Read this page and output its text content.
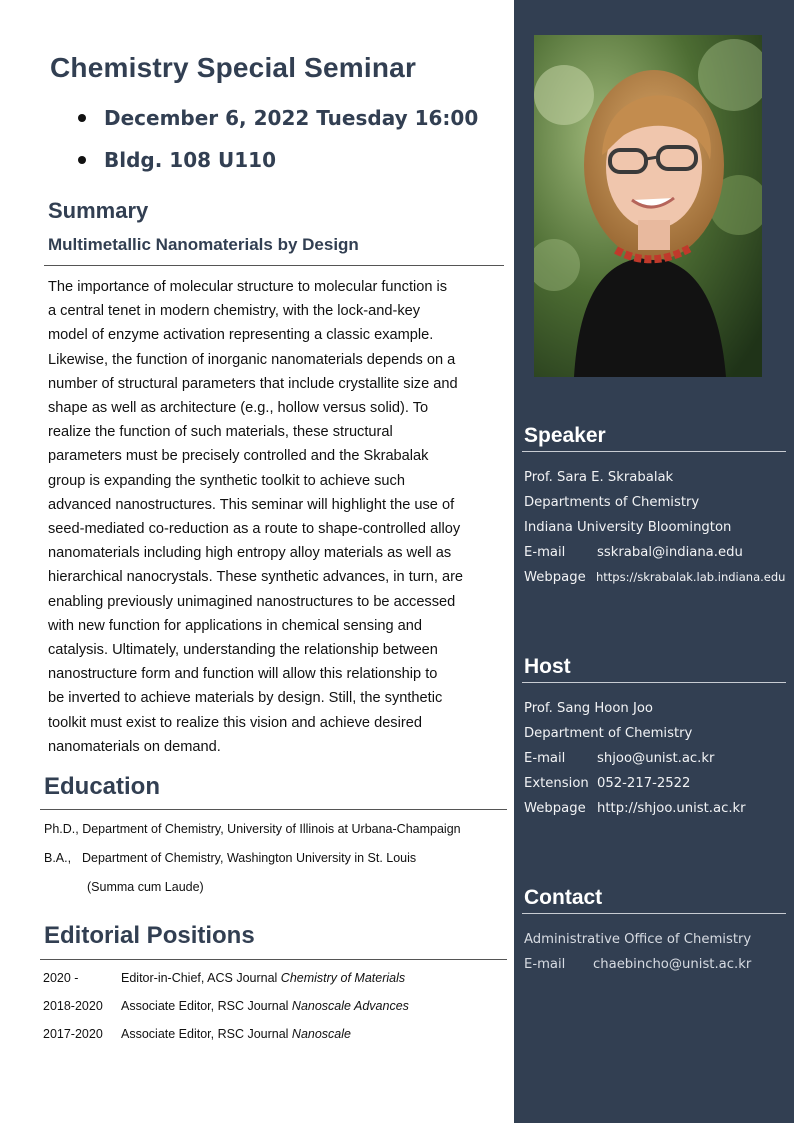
Chemistry Special Seminar
December 6, 2022 Tuesday 16:00
Bldg. 108 U110
Summary
Multimetallic Nanomaterials by Design
The importance of molecular structure to molecular function is
a central tenet in modern chemistry, with the lock-and-key
model of enzyme activation representing a classic example.
Likewise, the function of inorganic nanomaterials depends on a
number of structural parameters that include crystallite size and
shape as well as architecture (e.g., hollow versus solid). To
realize the function of such materials, these structural
parameters must be precisely controlled and the Skrabalak
group is expanding the synthetic toolkit to achieve such
advanced nanostructures. This seminar will highlight the use of
seed-mediated co-reduction as a route to shape-controlled alloy
nanomaterials including high entropy alloy materials as well as
hierarchical nanocrystals. These synthetic advances, in turn, are
enabling previously unimagined nanostructures to be accessed
with new function for applications in chemical sensing and
catalysis. Ultimately, understanding the relationship between
nanostructure form and function will allow this relationship to
be inverted to achieve materials by design. Still, the synthetic
toolkit must exist to realize this vision and achieve desired
nanomaterials on demand.
Education
Ph.D., Department of Chemistry, University of Illinois at Urbana-Champaign
B.A., Department of Chemistry, Washington University in St. Louis
(Summa cum Laude)
Editorial Positions
2020 -	Editor-in-Chief, ACS Journal Chemistry of Materials
2018-2020 Associate Editor, RSC Journal Nanoscale Advances
2017-2020 Associate Editor, RSC Journal Nanoscale
Speaker
Prof. Sara E. Skrabalak
Departments of Chemistry
Indiana University Bloomington
E-mail sskrabal@indiana.edu
Webpage https://skrabalak.lab.indiana.edu
Host
Prof. Sang Hoon Joo
Department of Chemistry
E-mail shjoo@unist.ac.kr
Extension 052-217-2522
Webpage http://shjoo.unist.ac.kr
Contact
Administrative Office of Chemistry
E-mail chaebincho@unist.ac.kr
